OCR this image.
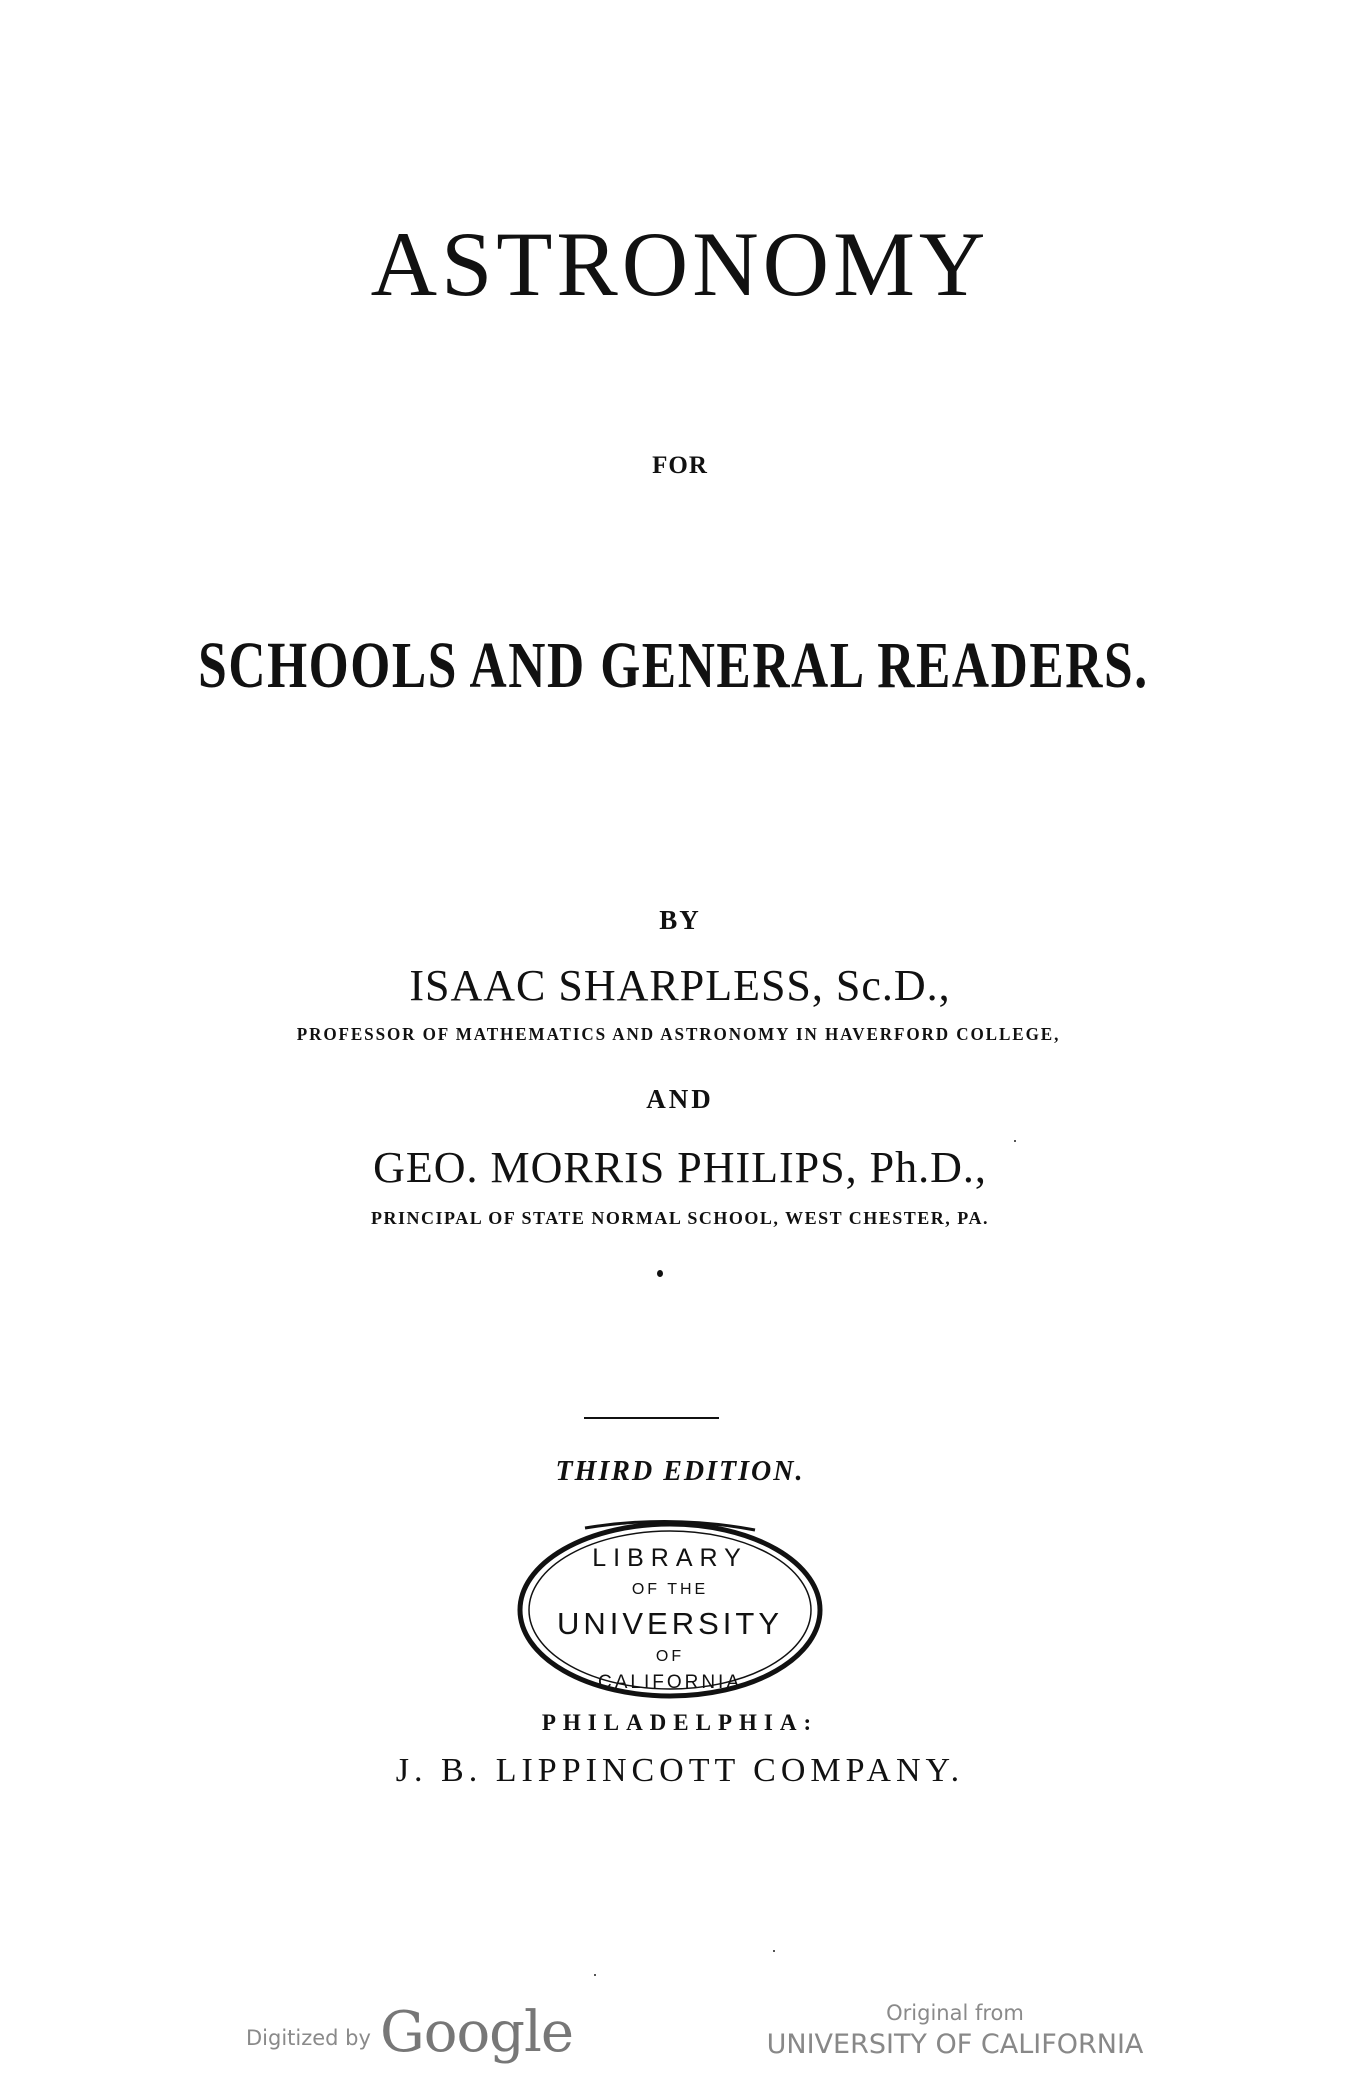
ASTRONOMY
FOR
SCHOOLS AND GENERAL READERS.
BY
ISAAC SHARPLESS, Sc.D.,
PROFESSOR OF MATHEMATICS AND ASTRONOMY IN HAVERFORD COLLEGE,
AND
GEO. MORRIS PHILIPS, Ph.D.,
PRINCIPAL OF STATE NORMAL SCHOOL, WEST CHESTER, PA.
THIRD EDITION.
LIBRARY
OF THE
UNIVERSITY
OF
CALIFORNIA
PHILADELPHIA:
J. B. LIPPINCOTT COMPANY.
Digitized by Google	Original from
UNIVERSITY OF CALIFORNIA
